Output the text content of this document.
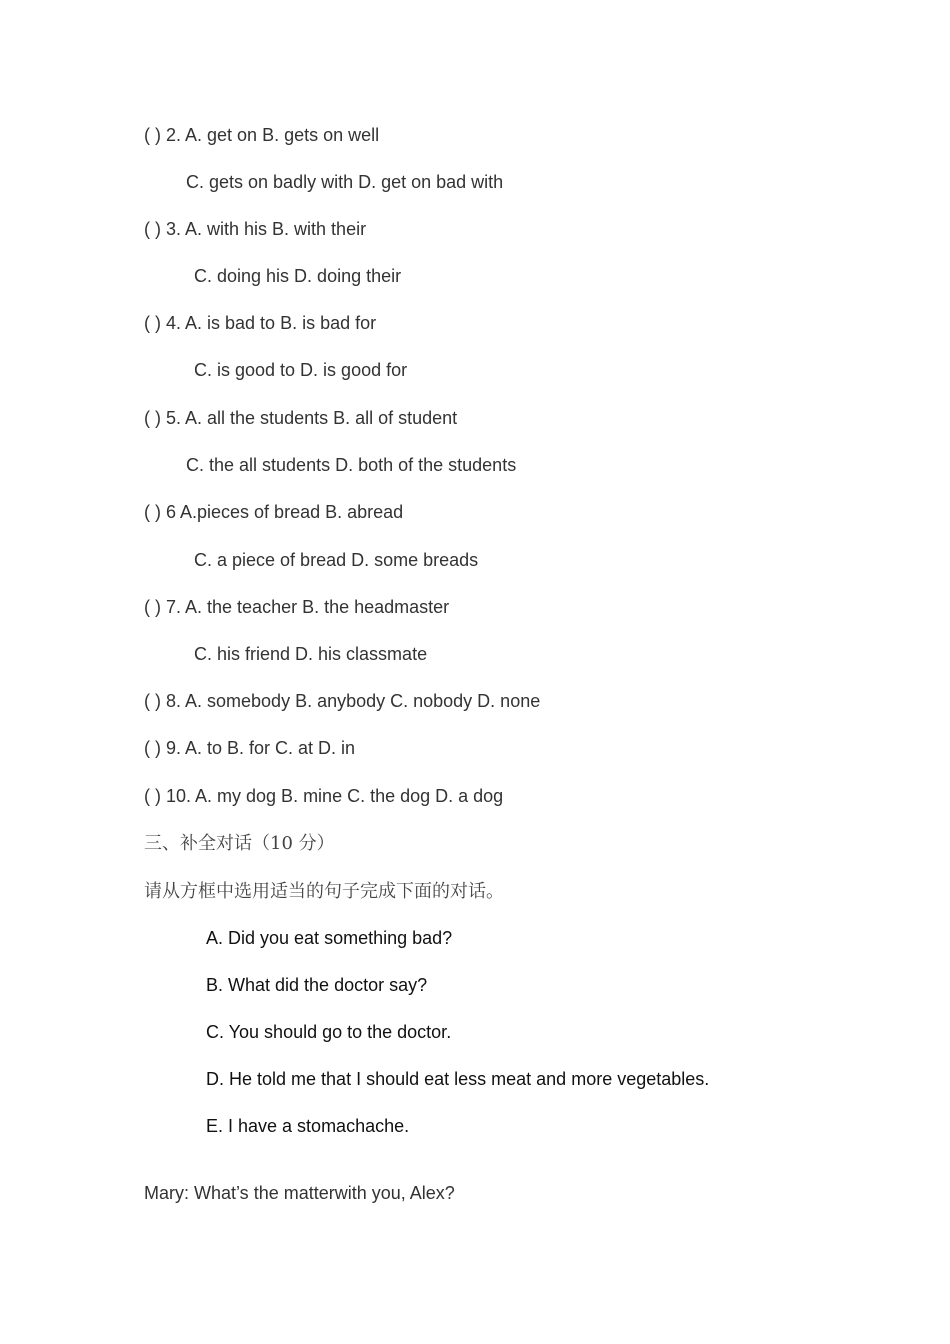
( ) 2. A. get on B. gets on well
C. gets on badly with D. get on bad with
( ) 3. A. with his B. with their
C. doing his D. doing their
( ) 4. A. is bad to B. is bad for
C. is good to D. is good for
( ) 5. A. all the students B. all of student
C. the all students D. both of the students
( ) 6 A.pieces of bread B. abread
C. a piece of bread D. some breads
( ) 7. A. the teacher B. the headmaster
C. his friend D. his classmate
( ) 8. A. somebody B. anybody C. nobody D. none
( ) 9. A. to B. for C. at D. in
( ) 10. A. my dog B. mine C. the dog D. a dog
三、补全对话（10 分）
请从方框中选用适当的句子完成下面的对话。
A. Did you eat something bad?
B. What did the doctor say?
C. You should go to the doctor.
D. He told me that I should eat less meat and more vegetables.
E. I have a stomachache.
Mary: What’s the matterwith you, Alex?
